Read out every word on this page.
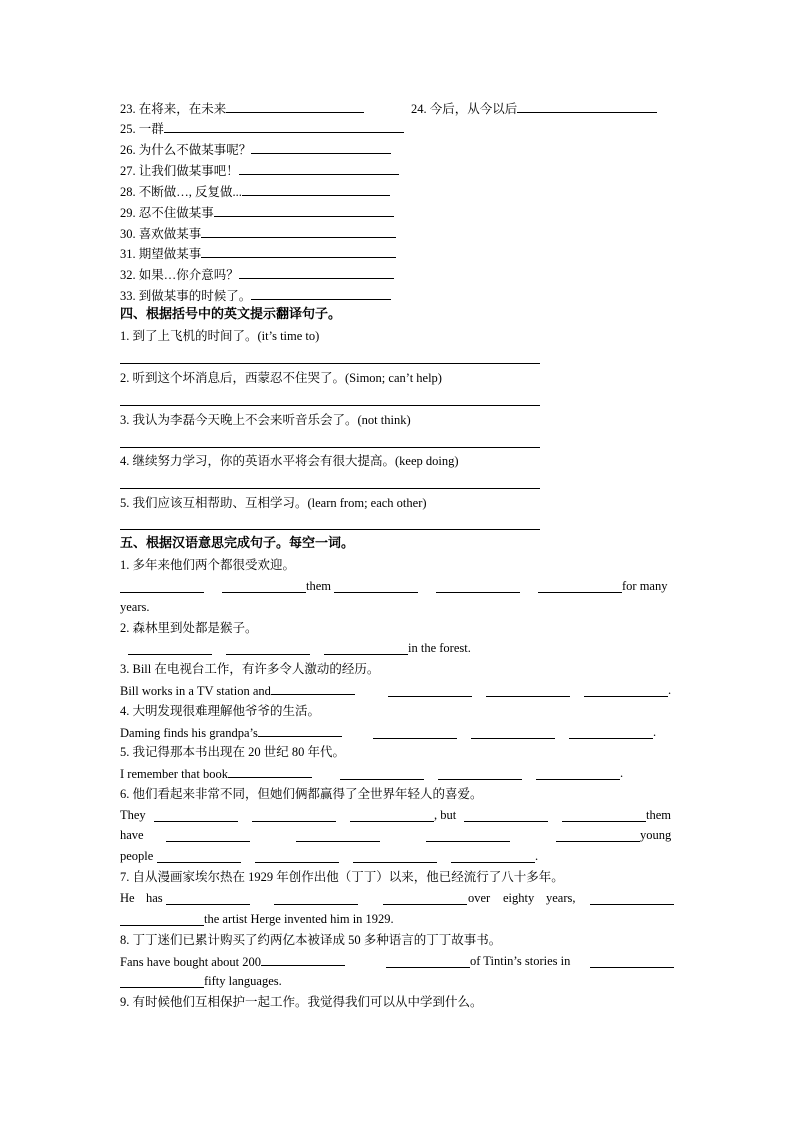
23. 在将来，在未来	24. 今后，从今以后
25. 一群
26. 为什么不做某事呢？
27. 让我们做某事吧！
28. 不断做…, 反复做...
29. 忍不住做某事
30. 喜欢做某事
31. 期望做某事
32. 如果…你介意吗？
33. 到做某事的时候了。
四、根据括号中的英文提示翻译句子。
1. 到了上飞机的时间了。(it’s time to)
2. 听到这个坏消息后，西蒙忍不住哭了。(Simon; can’t help)
3. 我认为李磊今天晚上不会来听音乐会了。(not think)
4. 继续努力学习，你的英语水平将会有很大提高。(keep doing)
5. 我们应该互相帮助、互相学习。(learn from; each other)
五、根据汉语意思完成句子。每空一词。
1. 多年来他们两个都很受欢迎。
them	for many
years.
2. 森林里到处都是猴子。
in the forest.
3. Bill 在电视台工作，有许多令人激动的经历。
Bill works in a TV station and	.
4. 大明发现很难理解他爷爷的生活。
Daming finds his grandpa’s	.
5. 我记得那本书出现在 20 世纪 80 年代。
I remember that book	.
6. 他们看起来非常不同，但她们俩都赢得了全世界年轻人的喜爱。
They	, but	them
have	young
people	.
7. 自从漫画家埃尔热在 1929 年创作出他（丁丁）以来，他已经流行了八十多年。
He has	over eighty years,
the artist Herge invented him in 1929.
8. 丁丁迷们已累计购买了约两亿本被译成 50 多种语言的丁丁故事书。
Fans have bought about 200	of Tintin’s stories in
fifty languages.
9. 有时候他们互相保护一起工作。我觉得我们可以从中学到什么。
